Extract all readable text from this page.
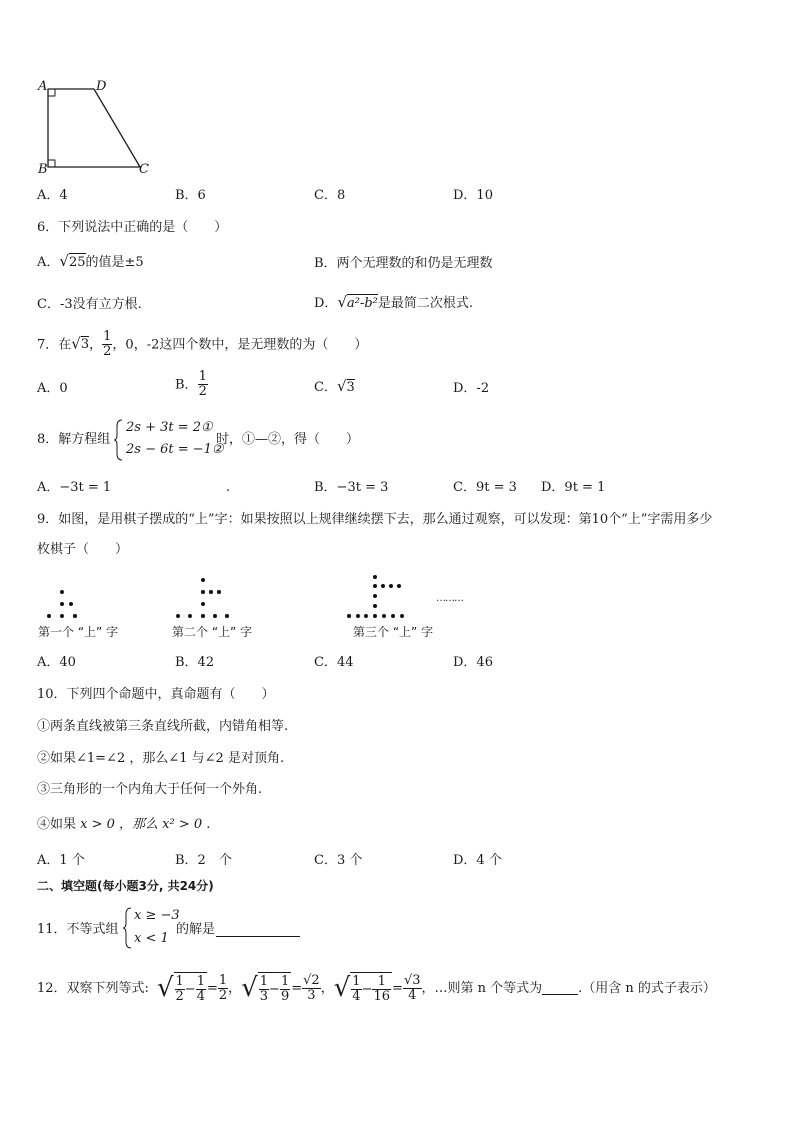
A	D
B	C
A．4	B．6	C．8	D．10
6．下列说法中正确的是（　　）
A．√25的值是±5	B．两个无理数的和仍是无理数
C．-3没有立方根.	D．√a²-b²是最简二次根式.
7．在√3， $\frac{1}{2}$ ，0，-2这四个数中，是无理数的为（　　）
A．0	B． $\frac{1}{2}$	C．√3	D．-2
8．解方程组
2s + 3t = 2①
2s − 6t = −1②
时，①—②，得（　　）
A．−3t = 1	.	B．−3t = 3	C．9t = 3 D．9t = 1
9．如图，是用棋子摆成的“上”字：如果按照以上规律继续摆下去，那么通过观察，可以发现：第10个“上”字需用多少
枚棋子（　　）
………
第一个 “上” 字	第二个 “上” 字	第三个 “上” 字
A．40	B．42	C．44	D．46
10．下列四个命题中，真命题有（　　）
①两条直线被第三条直线所截，内错角相等.
②如果∠1=∠2 ，那么∠1 与∠2 是对顶角.
③三角形的一个内角大于任何一个外角.
④如果 x > 0 ，那么 x² > 0 .
A．1 个	B．2　个	C．3 个	D．4 个
二、填空题(每小题3分, 共24分)
11．不等式组
x ≥ −3
x < 1
的解是
12．双察下列等式: √ $\frac{1}{2} - \frac{1}{4} = \frac{1}{2}$ ， √ $\frac{1}{3} - \frac{1}{9} = \frac{√2}{3}$ ， √ $\frac{1}{4} - \frac{1}{16} = \frac{√3}{4}$ ，…则第 n 个等式为	.（用含 n 的式子表示）
